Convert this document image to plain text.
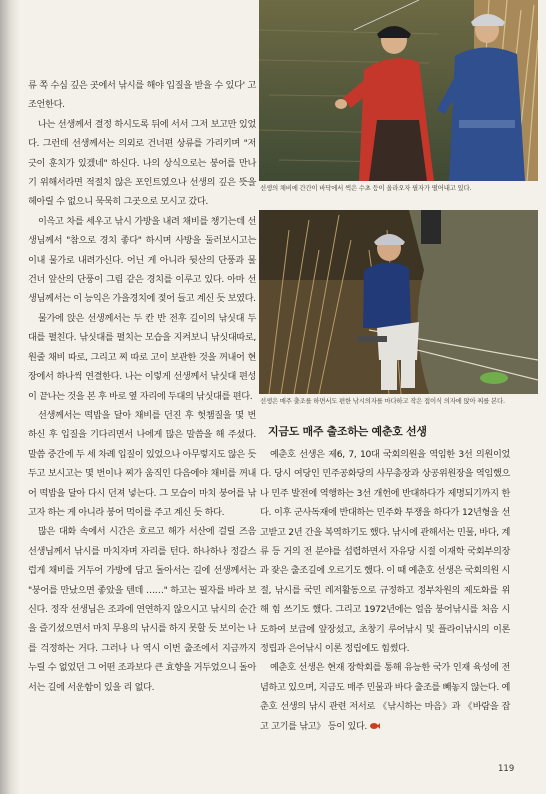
류 쪽 수심 깊은 곳에서 낚시를 해야 입질을 받을 수 있다' 고 조언한다.

나는 선생께서 결정 하시도록 뒤에 서서 그저 보고만 있었다. 그런데 선생께서는 의외로 건너편 상류를 가리키며 "저긋이 훈치가 있겠네" 하신다. 나의 상식으로는 붕어를 만나기 위해서라면 적절치 않은 포인트였으나 선생의 깊은 뜻을 헤아릴 수 없으니 묵묵히 그곳으로 모시고 갔다.

이윽고 차를 세우고 낚시 가방을 내려 채비를 챙기는데 선생님께서 "참으로 경치 좋다" 하시며 사방을 둘러보시고는 이내 물가로 내려가신다. 어닌 게 아니라 뒷산의 단풍과 물 건너 앞산의 단풍이 그림 같은 경치를 이루고 있다. 아마 선생님께서는 이 능익은 가을경치에 젖어 들고 계신 듯 보였다.

물가에 앉은 선생께서는 두 칸 반 전후 길이의 낚싯대 두대를 펼친다. 낚싯대를 펼치는 모습을 지켜보니 낚싯대따로, 원줄 채비 따로, 그리고 찌 따로 고이 보관한 것을 꺼내어 현장에서 하나씩 연결한다. 나는 이렇게 선생께서 낚싯대 편성이 끝나는 것을 본 후 바로 옆 자리에 두대의 낚싯대를 편다.

선생께서는 떡밥을 달아 채비를 던진 후 헛챔질을 몇 번 하신 후 입질을 기다리면서 나에게 많은 말씀을 해 주셨다. 말씀 중간에 두 세 차례 입질이 있었으나 아무렇지도 않은 듯 두고 보시고는 몇 번이나 찌가 움직인 다음에야 채비를 꺼내어 떡밥을 달아 다시 던져 넣는다. 그 모습이 마치 붕어를 낚고자 하는 게 아니라 붕어 먹이를 주고 계신 듯 하다.

많은 대화 속에서 시간은 흐르고 해가 서산에 걸릴 즈음 선생님께서 낚시를 마치자며 자리를 턴다. 하나하나 정갈스럽게 채비를 거두어 가방에 담고 돌아서는 길에 선생께서는 "붕어를 만났으면 좋았을 텐데 ……" 하고는 필자를 바라 보신다. 정작 선생님은 조과에 연연하지 않으시고 낚시의 순간을 즐기셨으면서 마치 무용의 낚시를 하지 못할 듯 보이는 나를 걱정하는 거다. 그러나 나 역시 이번 출조에서 지금까지 누릴 수 없었던 그 어떤 조과보다 큰 효향을 거두었으니 돌아서는 길에 서운함이 있을 리 없다.

선생의 채비에 간간이 바닥에서 썩은 수초 등이 올라오자 필자가 떨어내고 있다.
선생은 매주 출조를 하면서도 편한 낚시의자를 마다하고 작은 접이식 의자에 앉아 찌를 본다.
지금도 매주 출조하는 예춘호 선생

예춘호 선생은 제6, 7, 10대 국회의원을 역임한 3선 의원이었다. 당시 여당인 민주공화당의 사무총장과 상공위원장을 역임했으나 민주 발전에 역행하는 3선 개헌에 반대하다가 제명되기까지 한다. 이후 군사독재에 반대하는 민주화 투쟁을 하다가 12년형을 선고받고 2년 간을 복역하기도 했다. 낚시에 관해서는 민물, 바다, 계류 등 거의 전 분야를 섭렵하면서 자유당 시절 이재학 국회부의장과 잦은 출조길에 오르기도 했다. 이 때 예춘호 선생은 국회의원 시절, 낚시를 국민 레저활동으로 규정하고 정부차원의 제도화를 위해 힘 쓰기도 했다. 그리고 1972년에는 얼음 붕어낚시를 처음 시도하여 보급에 앞장섰고, 초창기 루어낚시 및 플라이낚시의 이론 정립과 은어낚시 이론 정립에도 힘썼다.

예춘호 선생은 현재 장학회를 통해 유능한 국가 인재 육성에 전념하고 있으며, 지금도 매주 민물과 바다 출조를 빼놓지 않는다. 예춘호 선생의 낚시 관련 저서로 《낚시하는 마음》과 《바람을 잡고 고기를 낚고》 등이 있다.

119
